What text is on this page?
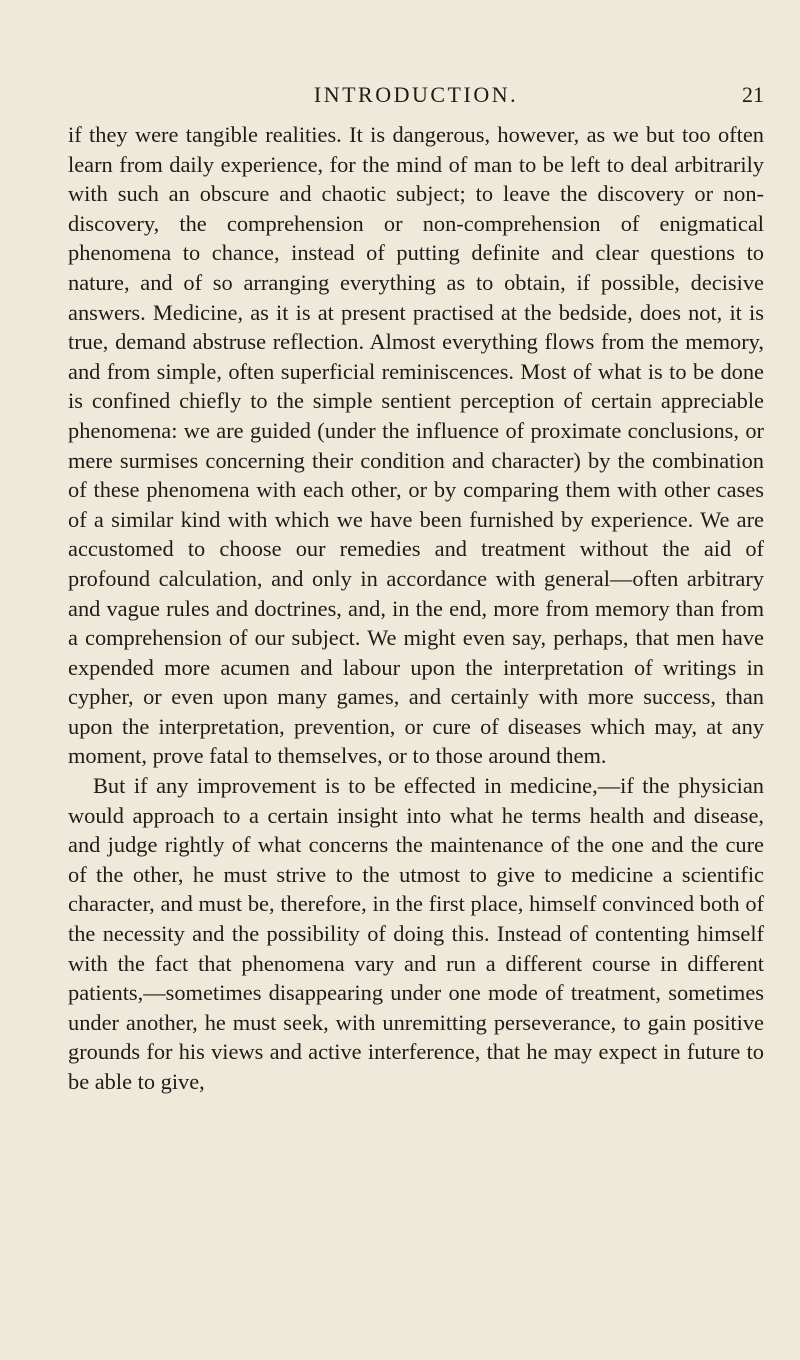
INTRODUCTION.	21

if they were tangible realities. It is dangerous, however, as we but too often learn from daily experience, for the mind of man to be left to deal arbitrarily with such an obscure and chaotic subject; to leave the discovery or non-discovery, the comprehension or non-comprehension of enigmatical phenomena to chance, instead of putting definite and clear questions to nature, and of so arranging everything as to obtain, if possible, decisive answers. Medicine, as it is at present practised at the bedside, does not, it is true, demand abstruse reflection. Almost everything flows from the memory, and from simple, often superficial reminiscences. Most of what is to be done is confined chiefly to the simple sentient perception of certain appreciable phenomena: we are guided (under the influence of proximate conclusions, or mere surmises concerning their condition and character) by the combination of these phenomena with each other, or by comparing them with other cases of a similar kind with which we have been furnished by experience. We are accustomed to choose our remedies and treatment without the aid of profound calculation, and only in accordance with general—often arbitrary and vague rules and doctrines, and, in the end, more from memory than from a comprehension of our subject. We might even say, perhaps, that men have expended more acumen and labour upon the interpretation of writings in cypher, or even upon many games, and certainly with more success, than upon the interpretation, prevention, or cure of diseases which may, at any moment, prove fatal to themselves, or to those around them.

But if any improvement is to be effected in medicine,—if the physician would approach to a certain insight into what he terms health and disease, and judge rightly of what concerns the maintenance of the one and the cure of the other, he must strive to the utmost to give to medicine a scientific character, and must be, therefore, in the first place, himself convinced both of the necessity and the possibility of doing this. Instead of contenting himself with the fact that phenomena vary and run a different course in different patients,—sometimes disappearing under one mode of treatment, sometimes under another, he must seek, with unremitting perseverance, to gain positive grounds for his views and active interference, that he may expect in future to be able to give,
